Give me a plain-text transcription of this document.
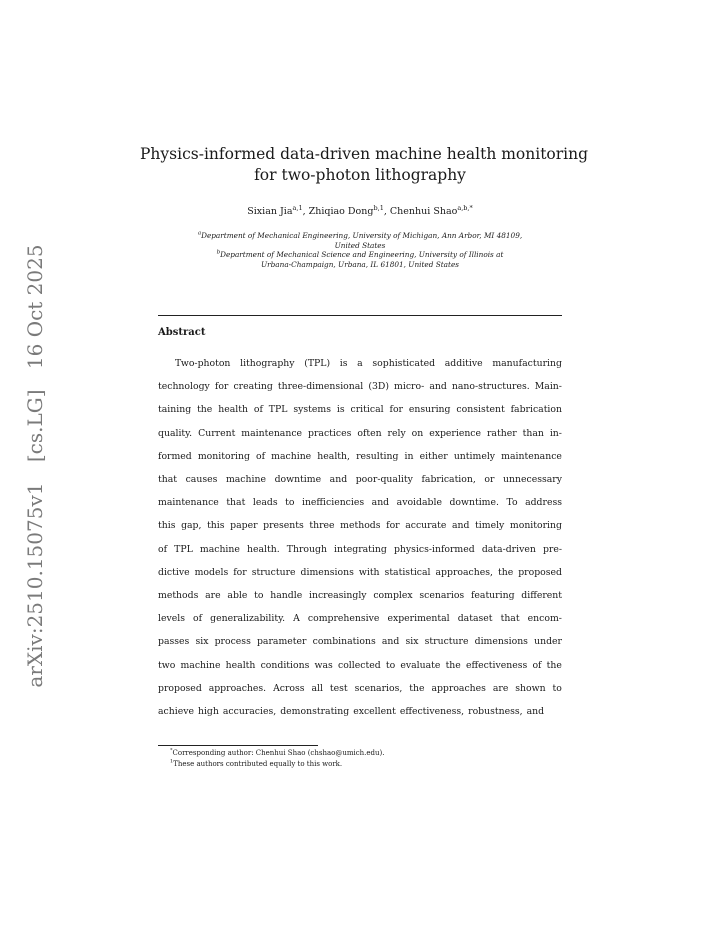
arXiv:2510.15075v1 [cs.LG] 16 Oct 2025
Physics-informed data-driven machine health monitoring
for two-photon lithography
Sixian Jia$^{a,1}$, Zhiqiao Dong$^{b,1}$, Chenhui Shao$^{a,b,*}$
$^a$Department of Mechanical Engineering, University of Michigan, Ann Arbor, MI 48109,
United States
$^b$Department of Mechanical Science and Engineering, University of Illinois at
Urbana-Champaign, Urbana, IL 61801, United States
Abstract
Two-photon lithography (TPL) is a sophisticated additive manufacturing
technology for creating three-dimensional (3D) micro- and nano-structures. Main-
taining the health of TPL systems is critical for ensuring consistent fabrication
quality. Current maintenance practices often rely on experience rather than in-
formed monitoring of machine health, resulting in either untimely maintenance
that causes machine downtime and poor-quality fabrication, or unnecessary
maintenance that leads to inefficiencies and avoidable downtime. To address
this gap, this paper presents three methods for accurate and timely monitoring
of TPL machine health. Through integrating physics-informed data-driven pre-
dictive models for structure dimensions with statistical approaches, the proposed
methods are able to handle increasingly complex scenarios featuring different
levels of generalizability. A comprehensive experimental dataset that encom-
passes six process parameter combinations and six structure dimensions under
two machine health conditions was collected to evaluate the effectiveness of the
proposed approaches. Across all test scenarios, the approaches are shown to
achieve high accuracies, demonstrating excellent effectiveness, robustness, and
*Corresponding author: Chenhui Shao (chshao@umich.edu).
$^1$These authors contributed equally to this work.
